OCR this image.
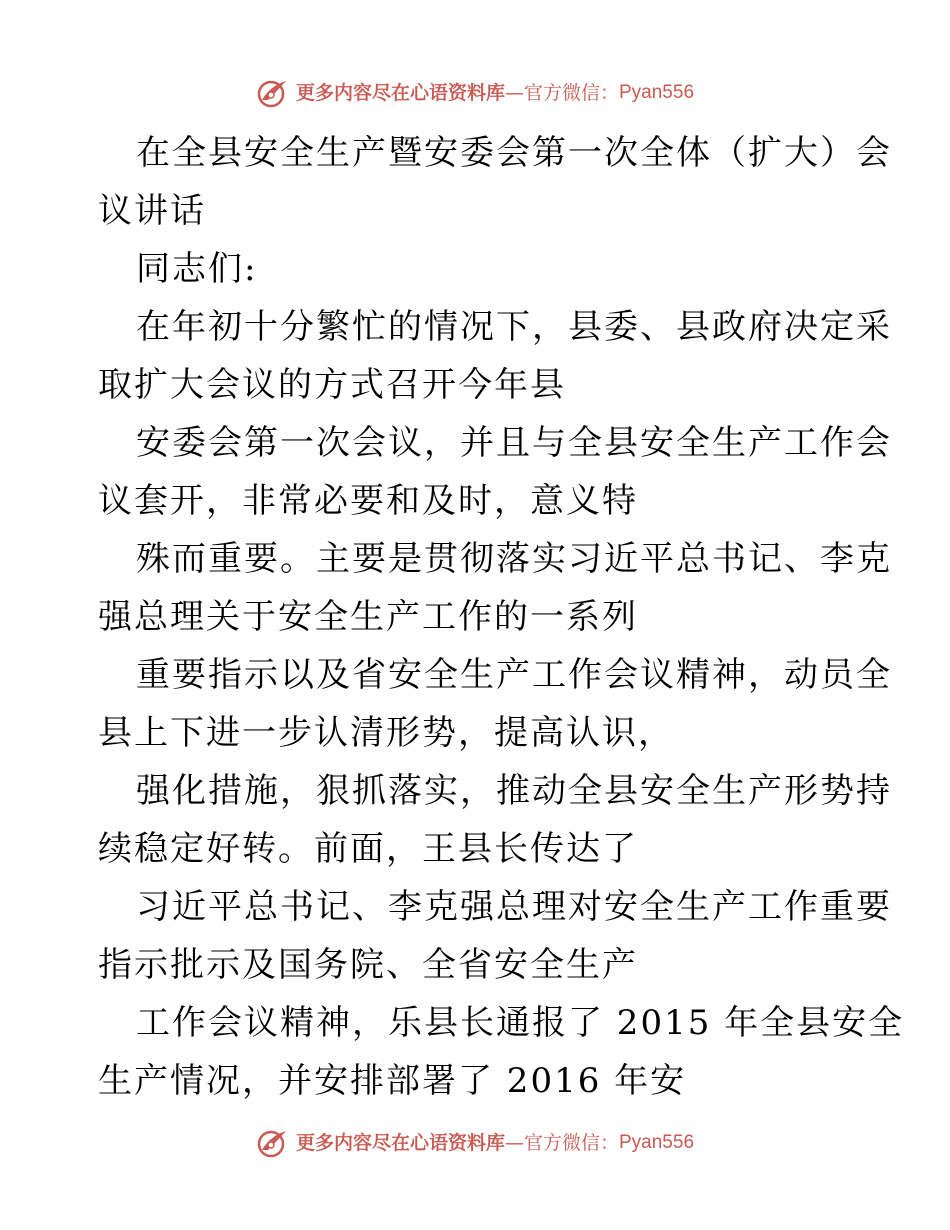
更多内容尽在心语资料库 —官方微信： Pyan556
在全县安全生产暨安委会第一次全体（扩大）会
议讲话
同志们:
在年初十分繁忙的情况下，县委、县政府决定采
取扩大会议的方式召开今年县
安委会第一次会议，并且与全县安全生产工作会
议套开，非常必要和及时，意义特
殊而重要。主要是贯彻落实习近平总书记、李克
强总理关于安全生产工作的一系列
重要指示以及省安全生产工作会议精神，动员全
县上下进一步认清形势，提高认识，
强化措施，狠抓落实，推动全县安全生产形势持
续稳定好转。前面，王县长传达了
习近平总书记、李克强总理对安全生产工作重要
指示批示及国务院、全省安全生产
工作会议精神，乐县长通报了 2015 年全县安全
生产情况，并安排部署了 2016 年安
更多内容尽在心语资料库 —官方微信： Pyan556
